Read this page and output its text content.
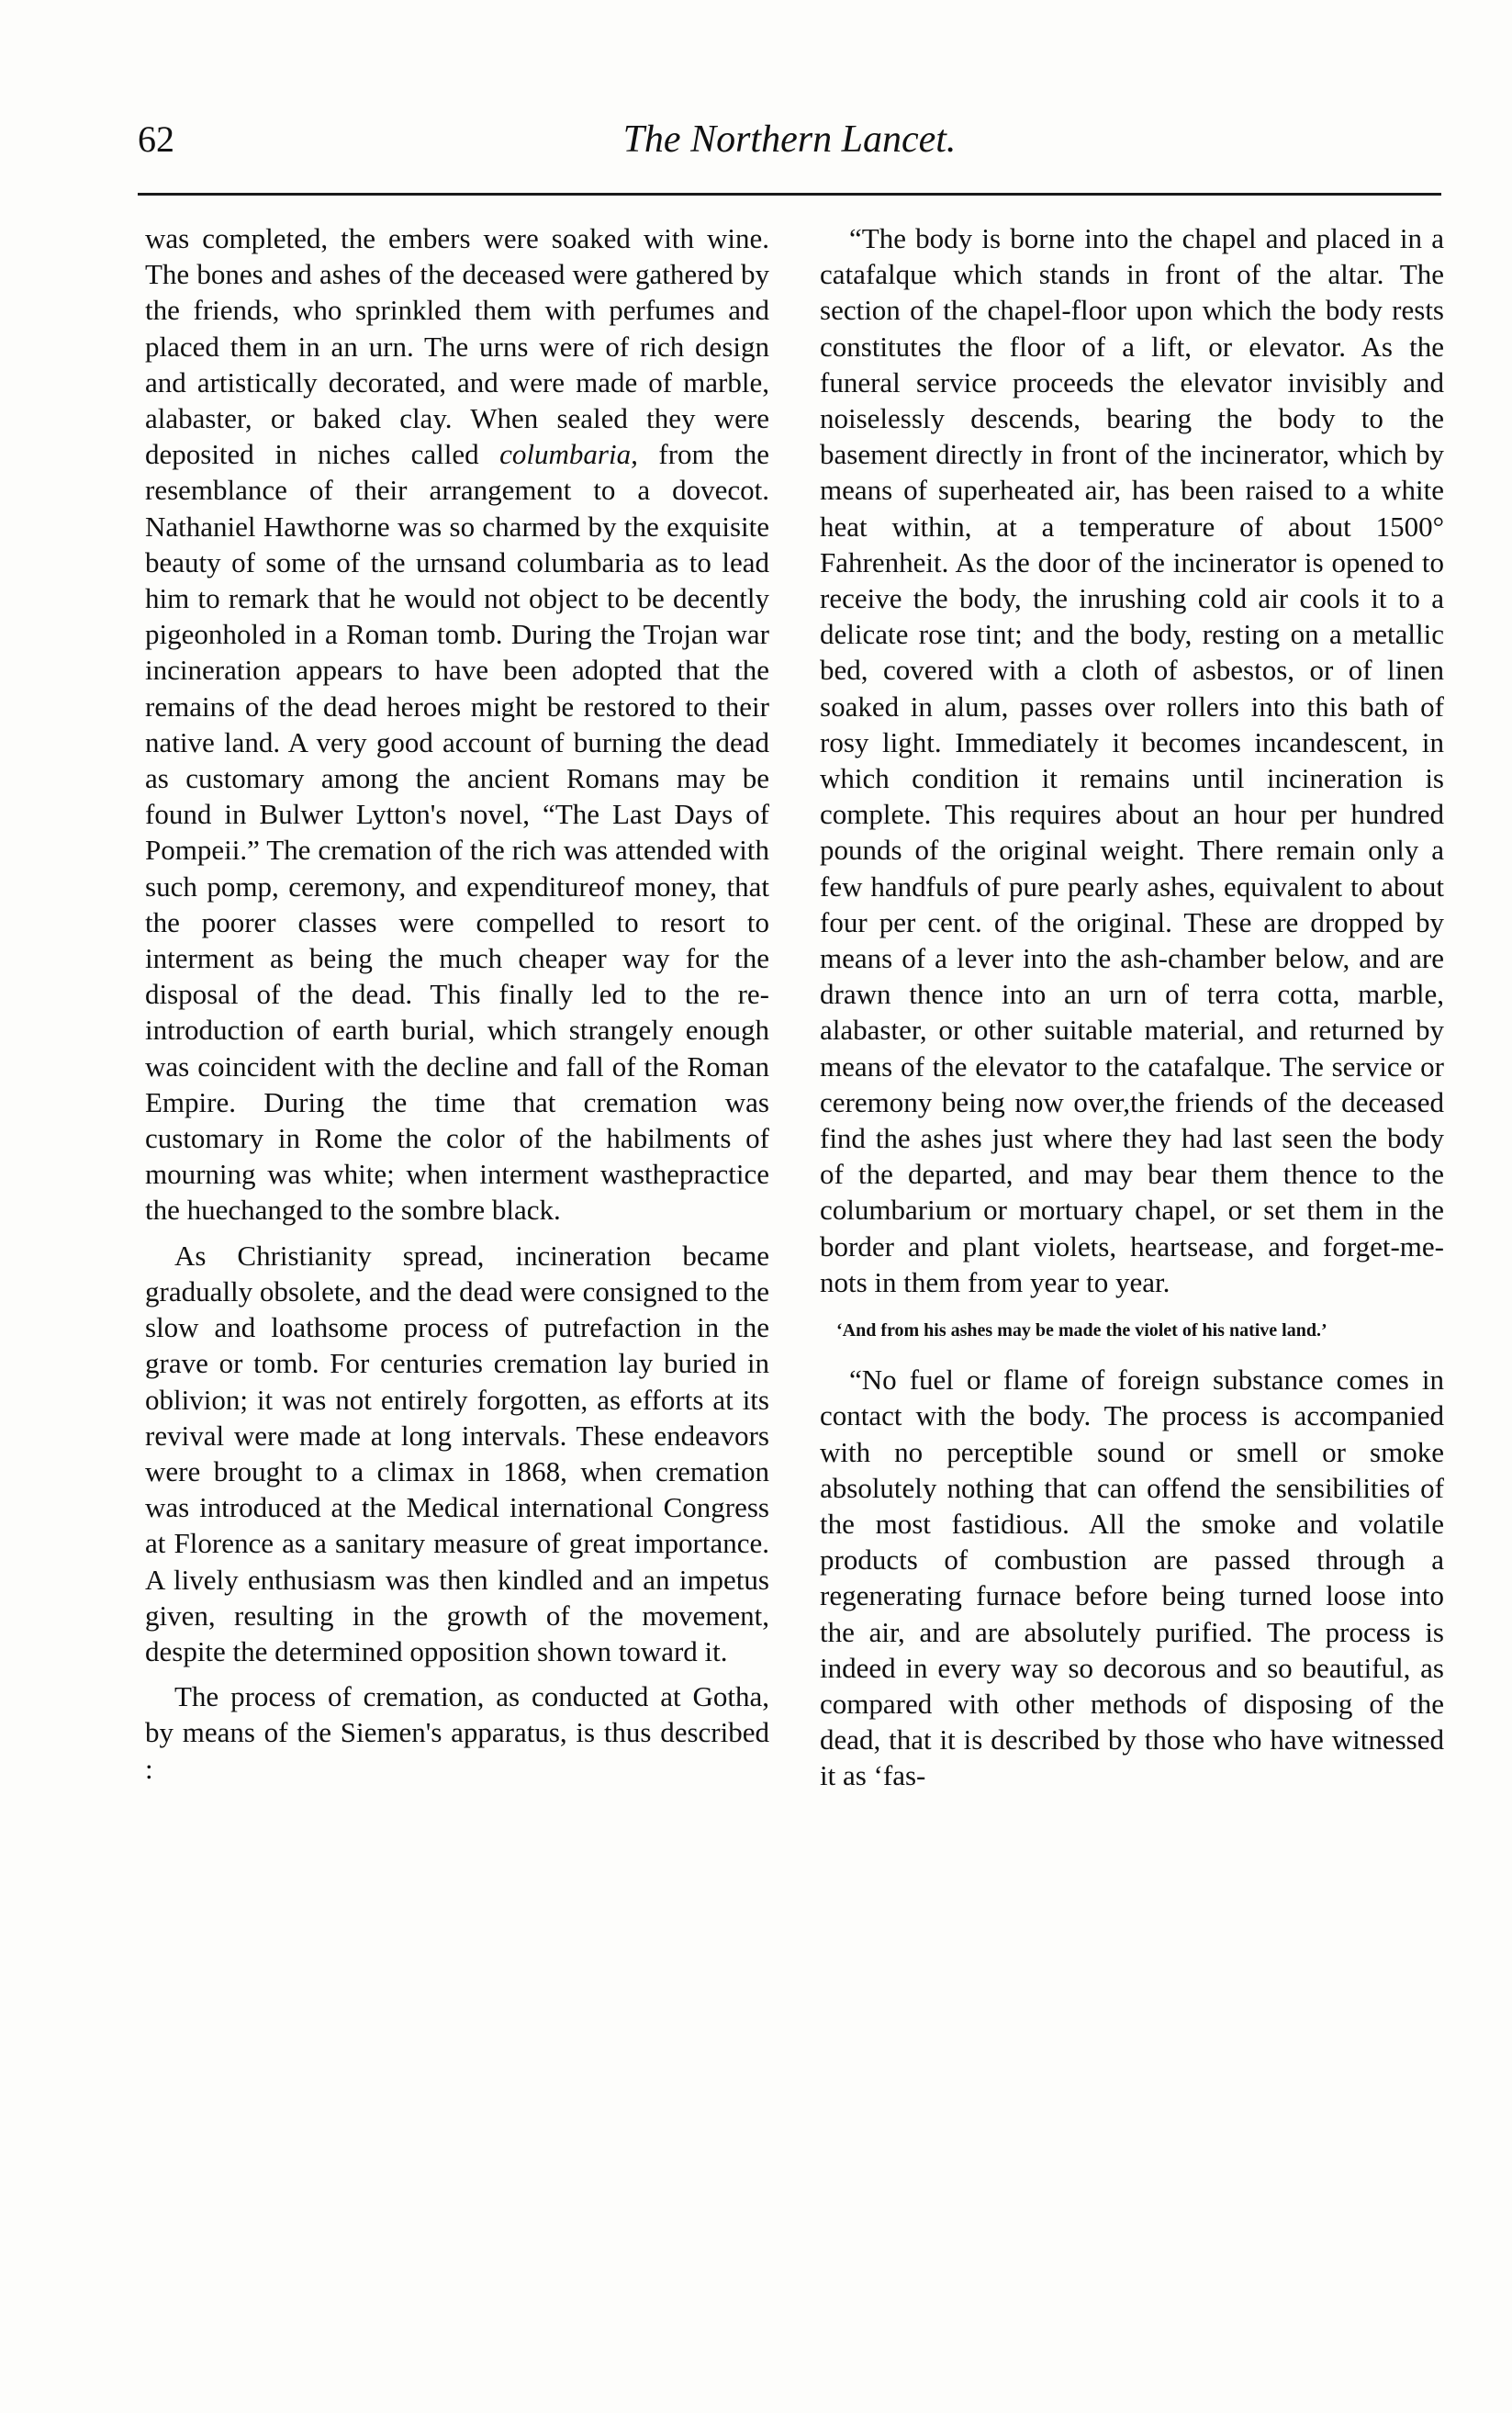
62	The Northern Lancet.

was completed, the embers were soaked with wine. The bones and ashes of the deceased were gathered by the friends, who sprinkled them with perfumes and placed them in an urn. The urns were of rich design and artistically decorated, and were made of marble, alabaster, or baked clay. When sealed they were deposited in niches called columbaria, from the resemblance of their arrangement to a dovecot. Nathaniel Hawthorne was so charmed by the exquisite beauty of some of the urnsand columbaria as to lead him to remark that he would not object to be decently pigeonholed in a Roman tomb. During the Trojan war incineration appears to have been adopted that the remains of the dead heroes might be restored to their native land. A very good account of burning the dead as customary among the ancient Romans may be found in Bulwer Lytton's novel, “The Last Days of Pompeii.” The cremation of the rich was attended with such pomp, ceremony, and expenditureof money, that the poorer classes were compelled to resort to interment as being the much cheaper way for the disposal of the dead. This finally led to the re-introduction of earth burial, which strangely enough was coincident with the decline and fall of the Roman Empire. During the time that cremation was customary in Rome the color of the habilments of mourning was white; when interment wasthepractice the huechanged to the sombre black.

As Christianity spread, incineration became gradually obsolete, and the dead were consigned to the slow and loathsome process of putrefaction in the grave or tomb. For centuries cremation lay buried in oblivion; it was not entirely forgotten, as efforts at its revival were made at long intervals. These endeavors were brought to a climax in 1868, when cremation was introduced at the Medical international Congress at Florence as a sanitary measure of great importance. A lively enthusiasm was then kindled and an impetus given, resulting in the growth of the movement, despite the determined opposition shown toward it.

The process of cremation, as conducted at Gotha, by means of the Siemen's apparatus, is thus described :

“The body is borne into the chapel and placed in a catafalque which stands in front of the altar. The section of the chapel-floor upon which the body rests constitutes the floor of a lift, or elevator. As the funeral service proceeds the elevator invisibly and noiselessly descends, bearing the body to the basement directly in front of the incinerator, which by means of superheated air, has been raised to a white heat within, at a temperature of about 1500° Fahrenheit. As the door of the incinerator is opened to receive the body, the inrushing cold air cools it to a delicate rose tint; and the body, resting on a metallic bed, covered with a cloth of asbestos, or of linen soaked in alum, passes over rollers into this bath of rosy light. Immediately it becomes incandescent, in which condition it remains until incineration is complete. This requires about an hour per hundred pounds of the original weight. There remain only a few handfuls of pure pearly ashes, equivalent to about four per cent. of the original. These are dropped by means of a lever into the ash-chamber below, and are drawn thence into an urn of terra cotta, marble, alabaster, or other suitable material, and returned by means of the elevator to the catafalque. The service or ceremony being now over,the friends of the deceased find the ashes just where they had last seen the body of the departed, and may bear them thence to the columbarium or mortuary chapel, or set them in the border and plant violets, heartsease, and forget-me-nots in them from year to year.

‘And from his ashes may be made the violet of his native land.’

“No fuel or flame of foreign substance comes in contact with the body. The process is accompanied with no perceptible sound or smell or smoke absolutely nothing that can offend the sensibilities of the most fastidious. All the smoke and volatile products of combustion are passed through a regenerating furnace before being turned loose into the air, and are absolutely purified. The process is indeed in every way so decorous and so beautiful, as compared with other methods of disposing of the dead, that it is described by those who have witnessed it as ‘fas-
